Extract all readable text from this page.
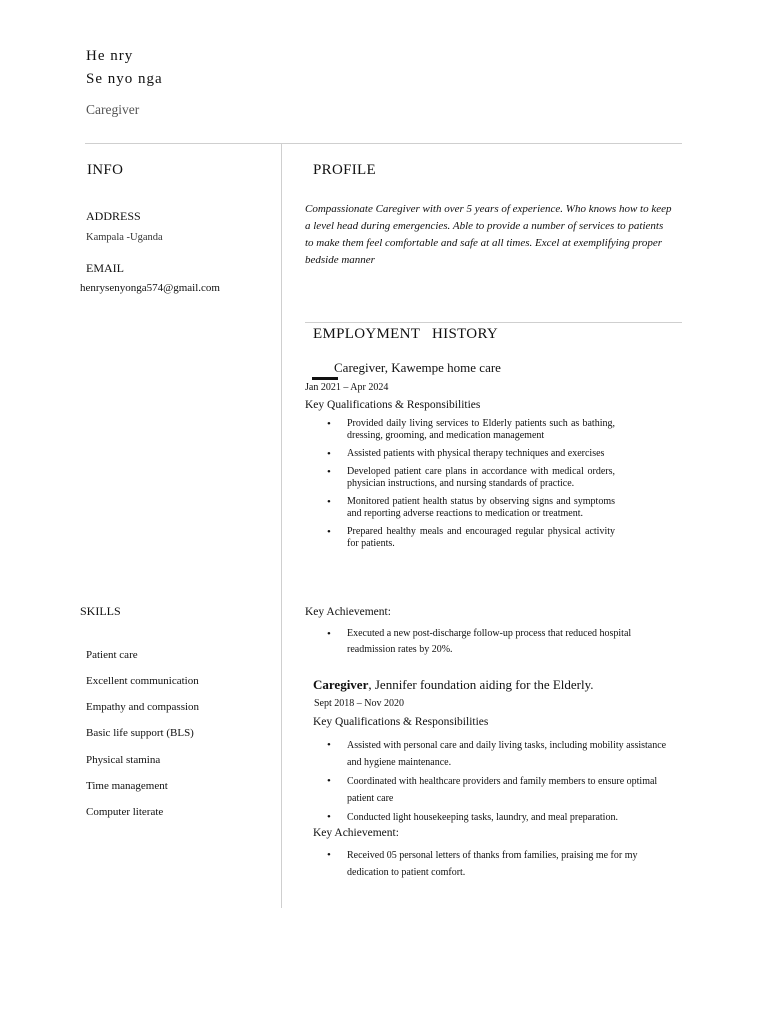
He nry
Se nyo nga
Caregiver
INFO
ADDRESS
Kampala -Uganda
EMAIL
henrysenyonga574@gmail.com
SKILLS
Patient care
Excellent communication
Empathy and compassion
Basic life support (BLS)
Physical stamina
Time management
Computer literate
PROFILE
Compassionate Caregiver with over 5 years of experience. Who knows how to keep a level head during emergencies. Able to provide a number of services to patients to make them feel comfortable and safe at all times. Excel at exemplifying proper bedside manner
EMPLOYMENT   HISTORY
Caregiver, Kawempe home care
Jan 2021 – Apr 2024
Key Qualifications & Responsibilities
• Provided daily living services to Elderly patients such as bathing, dressing, grooming, and medication management
• Assisted patients with physical therapy techniques and exercises
• Developed patient care plans in accordance with medical orders, physician instructions, and nursing standards of practice.
• Monitored patient health status by observing signs and symptoms and reporting adverse reactions to medication or treatment.
• Prepared healthy meals and encouraged regular physical activity for patients.
Key Achievement:
• Executed a new post-discharge follow-up process that reduced hospital readmission rates by 20%.
Caregiver, Jennifer foundation aiding for the Elderly.
Sept 2018 – Nov 2020
Key Qualifications & Responsibilities
• Assisted with personal care and daily living tasks, including mobility assistance and hygiene maintenance.
• Coordinated with healthcare providers and family members to ensure optimal patient care
• Conducted light housekeeping tasks, laundry, and meal preparation.
Key Achievement:
• Received 05 personal letters of thanks from families, praising me for my dedication to patient comfort.
